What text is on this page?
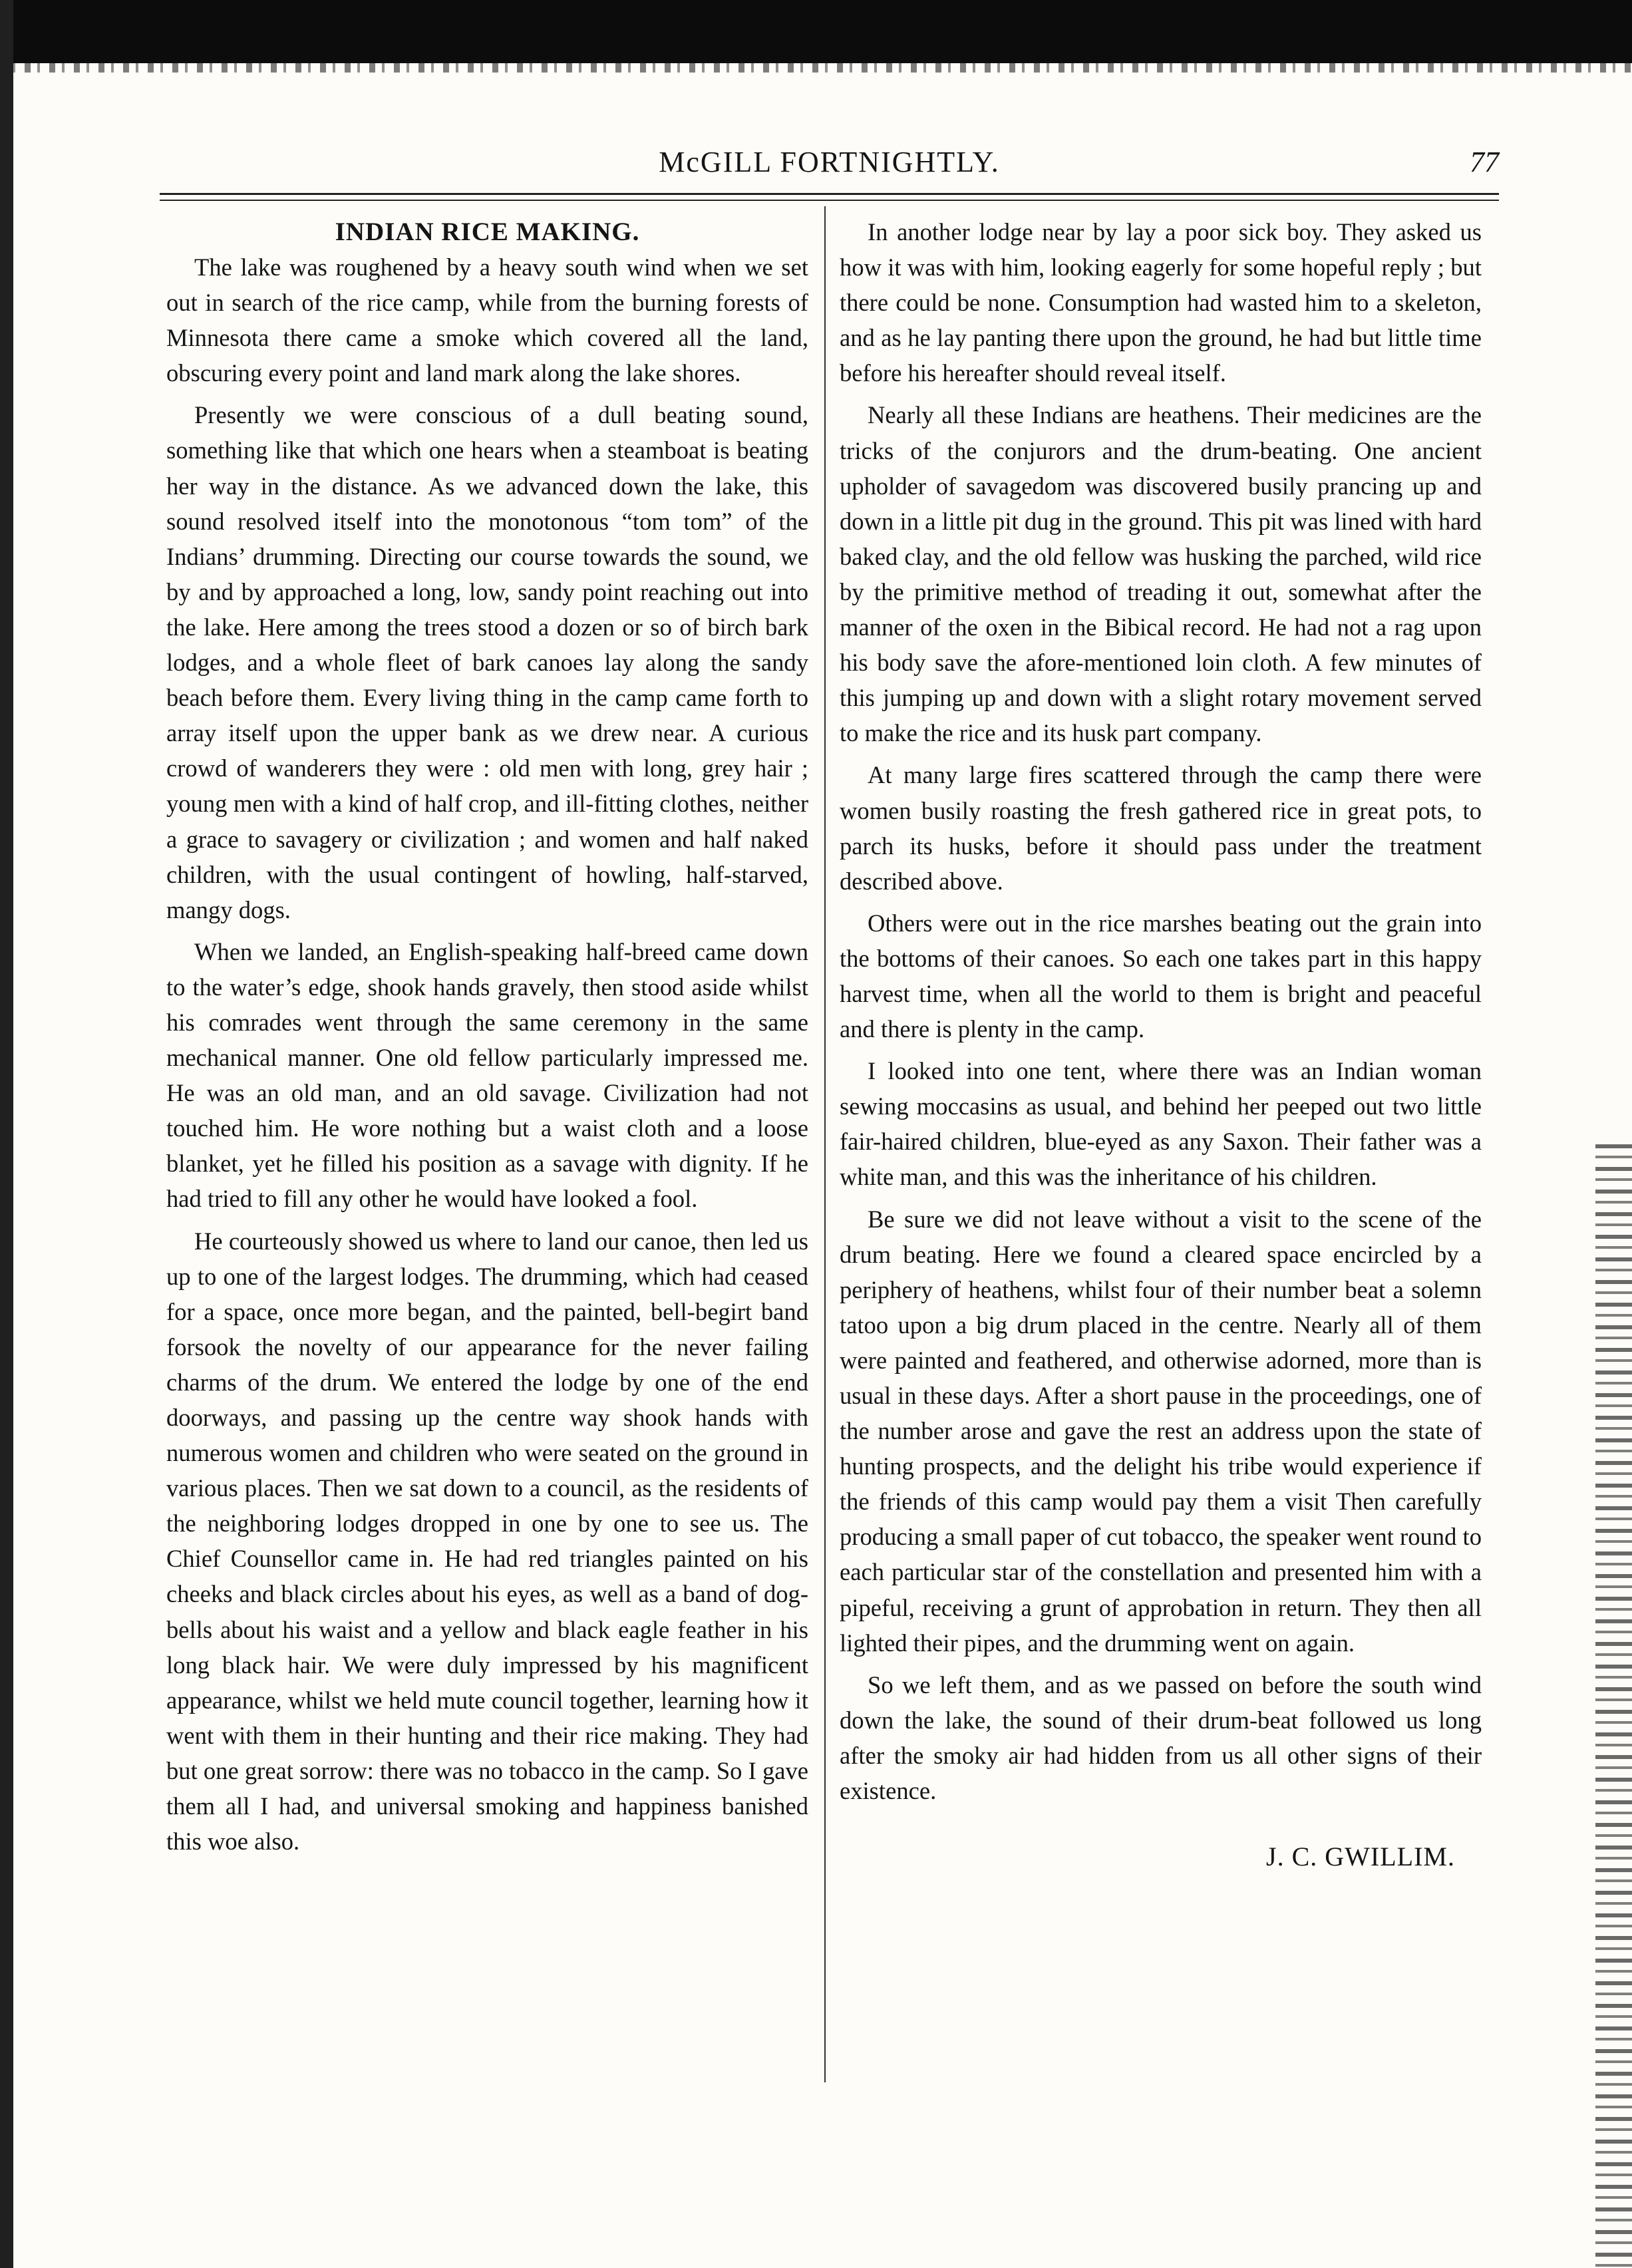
McGILL FORTNIGHTLY.	77
INDIAN RICE MAKING.

The lake was roughened by a heavy south wind when we set out in search of the rice camp, while from the burning forests of Minnesota there came a smoke which covered all the land, obscuring every point and land mark along the lake shores.

Presently we were conscious of a dull beating sound, something like that which one hears when a steamboat is beating her way in the distance. As we advanced down the lake, this sound resolved itself into the monotonous “tom tom” of the Indians’ drumming. Directing our course towards the sound, we by and by approached a long, low, sandy point reaching out into the lake. Here among the trees stood a dozen or so of birch bark lodges, and a whole fleet of bark canoes lay along the sandy beach before them. Every living thing in the camp came forth to array itself upon the upper bank as we drew near. A curious crowd of wanderers they were : old men with long, grey hair ; young men with a kind of half crop, and ill-fitting clothes, neither a grace to savagery or civilization ; and women and half naked children, with the usual contingent of howling, half-starved, mangy dogs.

When we landed, an English-speaking half-breed came down to the water’s edge, shook hands gravely, then stood aside whilst his comrades went through the same ceremony in the same mechanical manner. One old fellow particularly impressed me. He was an old man, and an old savage. Civilization had not touched him. He wore nothing but a waist cloth and a loose blanket, yet he filled his position as a savage with dignity. If he had tried to fill any other he would have looked a fool.

He courteously showed us where to land our canoe, then led us up to one of the largest lodges. The drumming, which had ceased for a space, once more began, and the painted, bell-begirt band forsook the novelty of our appearance for the never failing charms of the drum. We entered the lodge by one of the end doorways, and passing up the centre way shook hands with numerous women and children who were seated on the ground in various places. Then we sat down to a council, as the residents of the neighboring lodges dropped in one by one to see us. The Chief Counsellor came in. He had red triangles painted on his cheeks and black circles about his eyes, as well as a band of dog-bells about his waist and a yellow and black eagle feather in his long black hair. We were duly impressed by his magnificent appearance, whilst we held mute council together, learning how it went with them in their hunting and their rice making. They had but one great sorrow: there was no tobacco in the camp. So I gave them all I had, and universal smoking and happiness banished this woe also.

In another lodge near by lay a poor sick boy. They asked us how it was with him, looking eagerly for some hopeful reply ; but there could be none. Consumption had wasted him to a skeleton, and as he lay panting there upon the ground, he had but little time before his hereafter should reveal itself.

Nearly all these Indians are heathens. Their medicines are the tricks of the conjurors and the drum-beating. One ancient upholder of savagedom was discovered busily prancing up and down in a little pit dug in the ground. This pit was lined with hard baked clay, and the old fellow was husking the parched, wild rice by the primitive method of treading it out, somewhat after the manner of the oxen in the Bibical record. He had not a rag upon his body save the afore-mentioned loin cloth. A few minutes of this jumping up and down with a slight rotary movement served to make the rice and its husk part company.

At many large fires scattered through the camp there were women busily roasting the fresh gathered rice in great pots, to parch its husks, before it should pass under the treatment described above.

Others were out in the rice marshes beating out the grain into the bottoms of their canoes. So each one takes part in this happy harvest time, when all the world to them is bright and peaceful and there is plenty in the camp.

I looked into one tent, where there was an Indian woman sewing moccasins as usual, and behind her peeped out two little fair-haired children, blue-eyed as any Saxon. Their father was a white man, and this was the inheritance of his children.

Be sure we did not leave without a visit to the scene of the drum beating. Here we found a cleared space encircled by a periphery of heathens, whilst four of their number beat a solemn tatoo upon a big drum placed in the centre. Nearly all of them were painted and feathered, and otherwise adorned, more than is usual in these days. After a short pause in the proceedings, one of the number arose and gave the rest an address upon the state of hunting prospects, and the delight his tribe would experience if the friends of this camp would pay them a visit Then carefully producing a small paper of cut tobacco, the speaker went round to each particular star of the constellation and presented him with a pipeful, receiving a grunt of approbation in return. They then all lighted their pipes, and the drumming went on again.

So we left them, and as we passed on before the south wind down the lake, the sound of their drum-beat followed us long after the smoky air had hidden from us all other signs of their existence.

J. C. GWILLIM.
